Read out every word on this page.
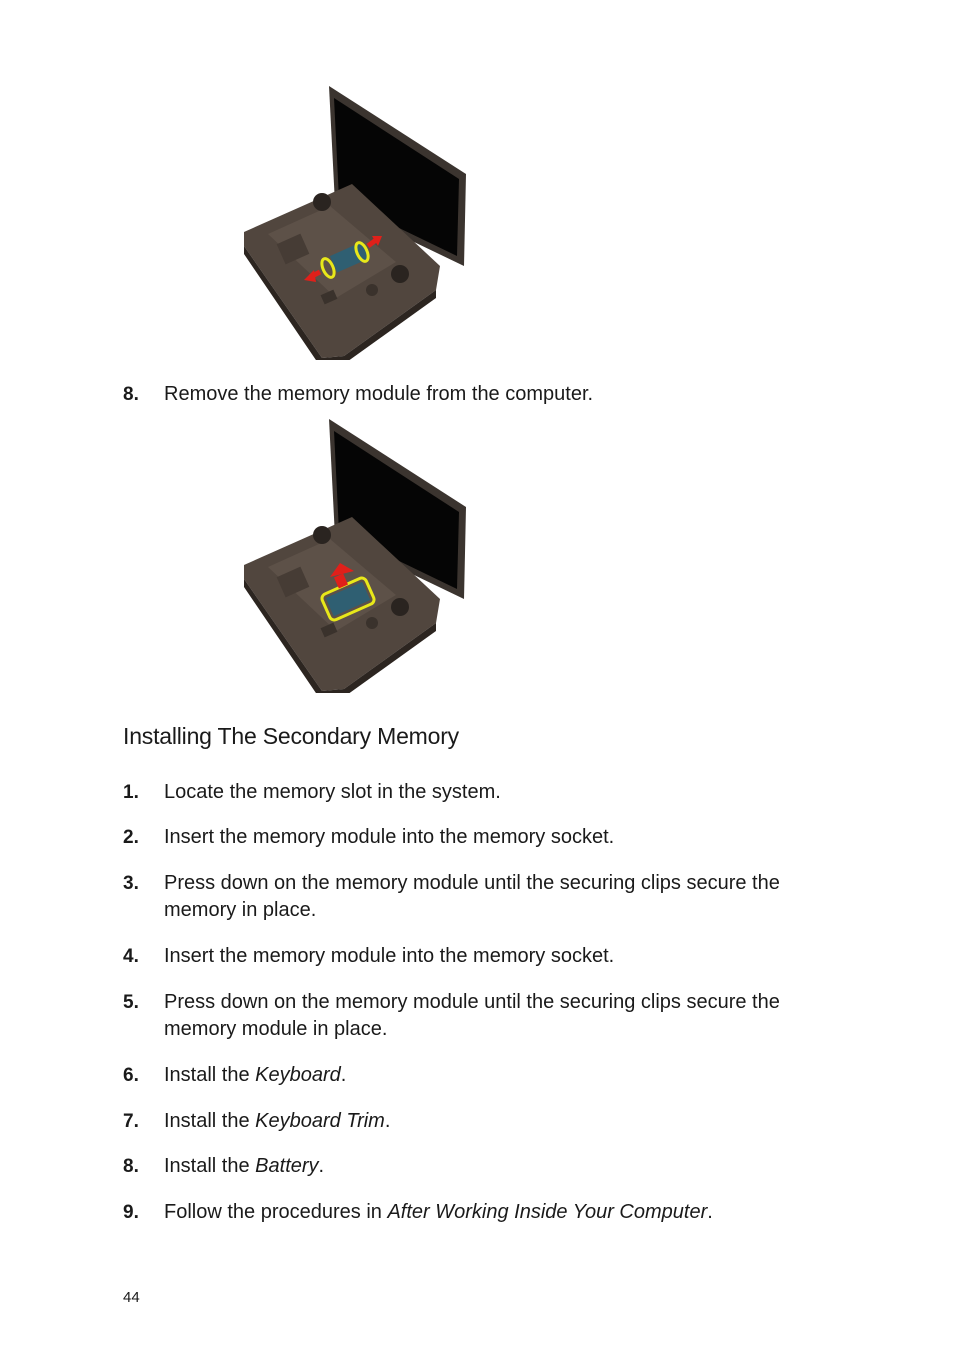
8. Remove the memory module from the computer.
Installing The Secondary Memory
1. Locate the memory slot in the system.
2. Insert the memory module into the memory socket.
3. Press down on the memory module until the securing clips secure the memory in place.
4. Insert the memory module into the memory socket.
5. Press down on the memory module until the securing clips secure the memory module in place.
6. Install the Keyboard.
7. Install the Keyboard Trim.
8. Install the Battery.
9. Follow the procedures in After Working Inside Your Computer.
44
